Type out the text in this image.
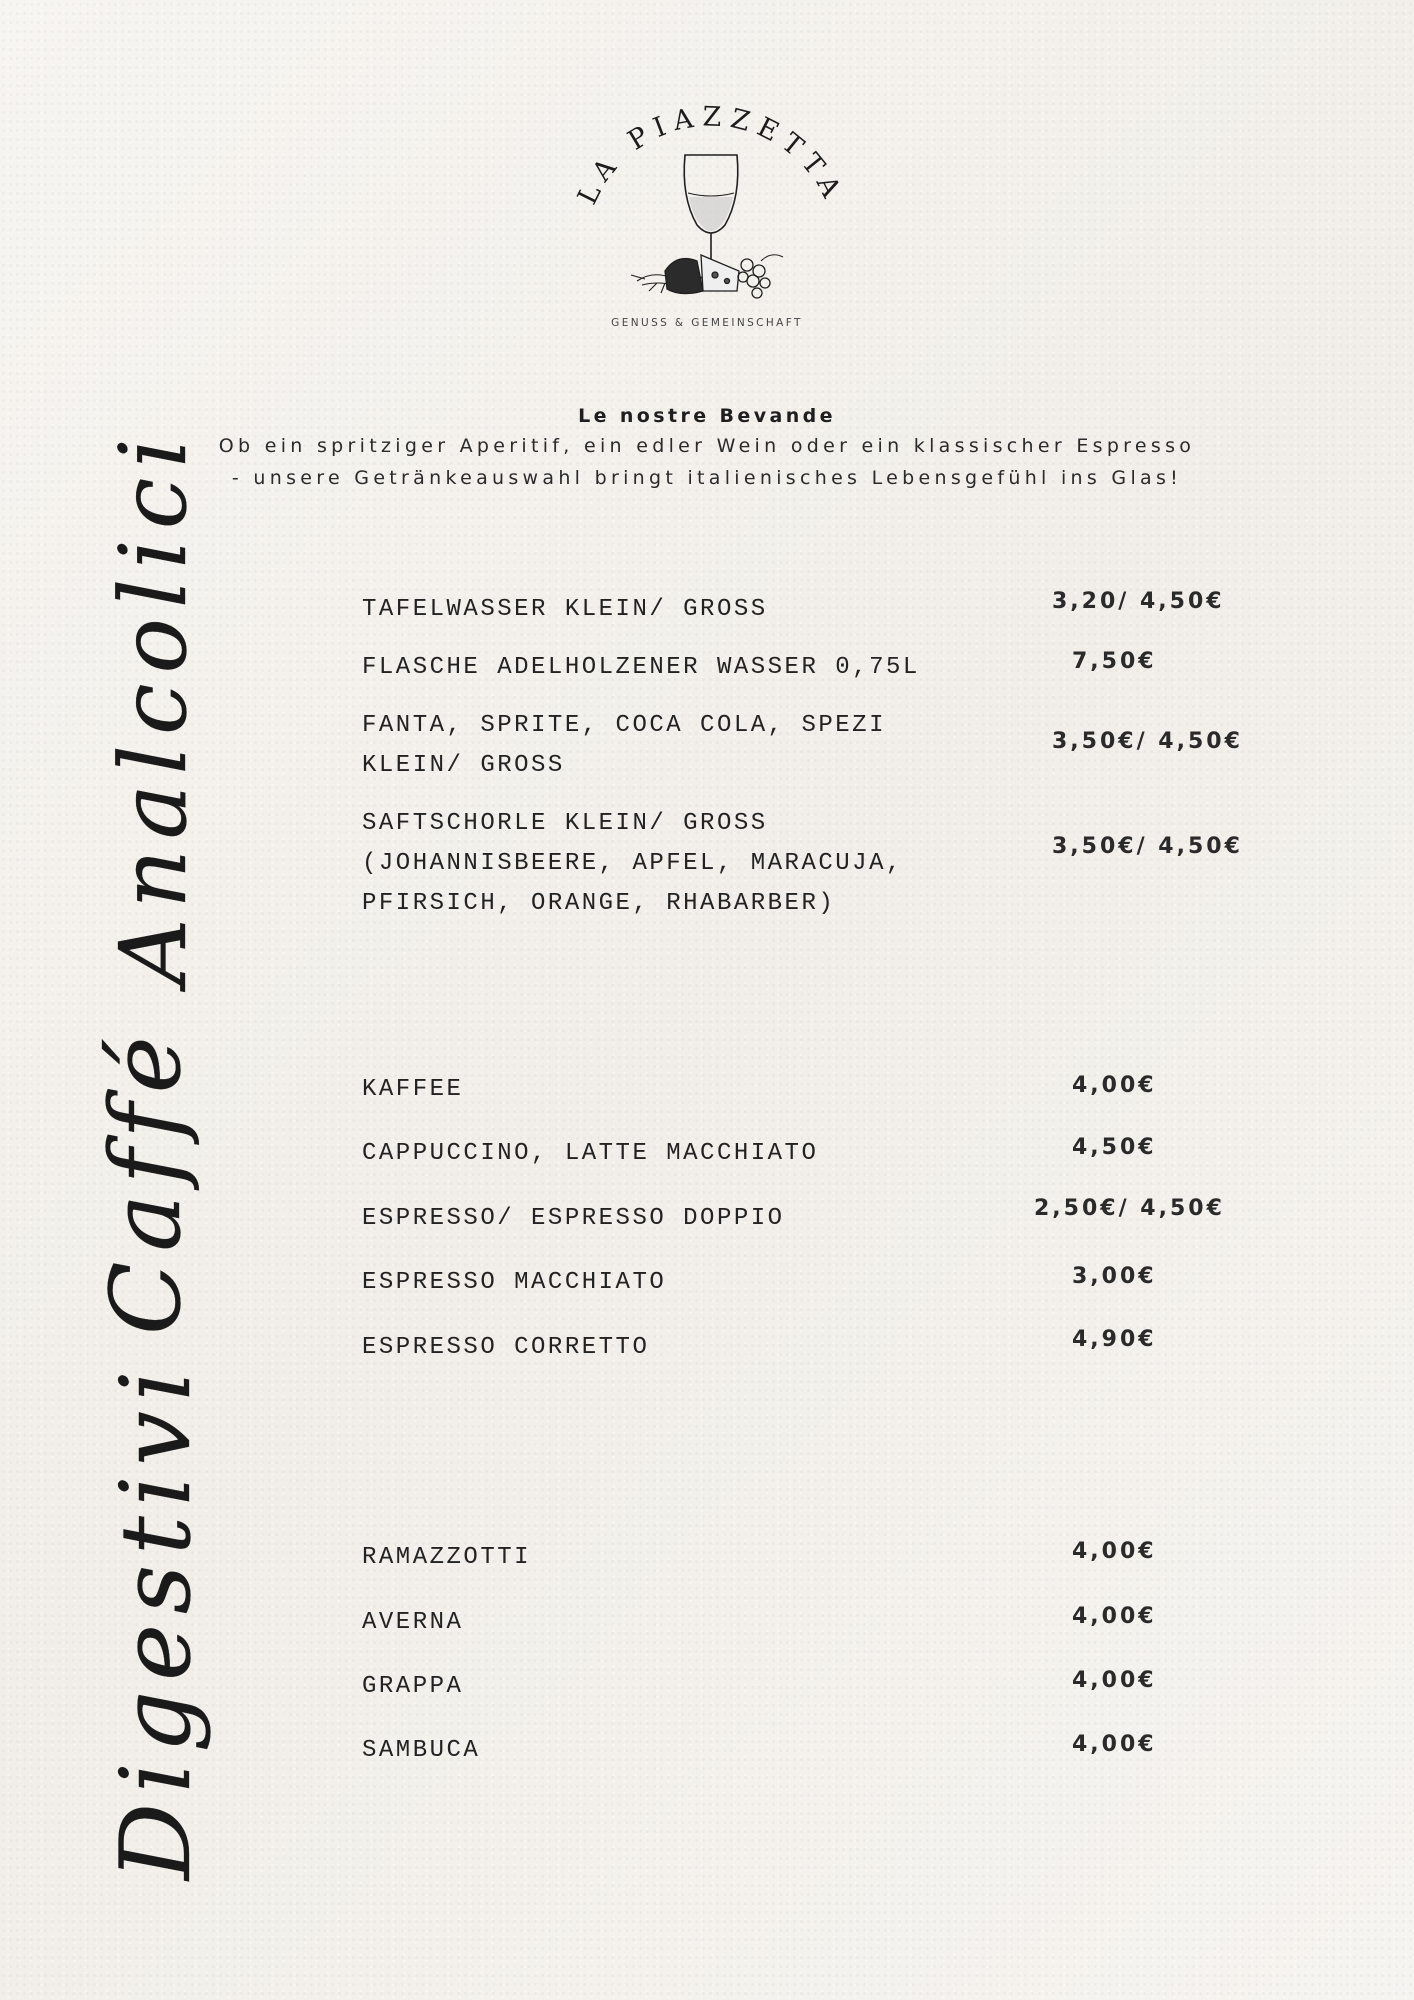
LA PIAZZETTA
GENUSS & GEMEINSCHAFT
Le nostre Bevande
Ob ein spritziger Aperitif, ein edler Wein oder ein klassischer Espresso
- unsere Getränkeauswahl bringt italienisches Lebensgefühl ins Glas!
Analcolici
Caffé
Digestivi
TAFELWASSER KLEIN/ GROSS	3,20/ 4,50€
FLASCHE ADELHOLZENER WASSER 0,75L	7,50€
FANTA, SPRITE, COCA COLA, SPEZI
KLEIN/ GROSS
3,50€/ 4,50€
SAFTSCHORLE KLEIN/ GROSS
(JOHANNISBEERE, APFEL, MARACUJA,
PFIRSICH, ORANGE, RHABARBER)
3,50€/ 4,50€
KAFFEE	4,00€
CAPPUCCINO, LATTE MACCHIATO	4,50€
ESPRESSO/ ESPRESSO DOPPIO	2,50€/ 4,50€
ESPRESSO MACCHIATO	3,00€
ESPRESSO CORRETTO	4,90€
RAMAZZOTTI	4,00€
AVERNA	4,00€
GRAPPA	4,00€
SAMBUCA	4,00€
